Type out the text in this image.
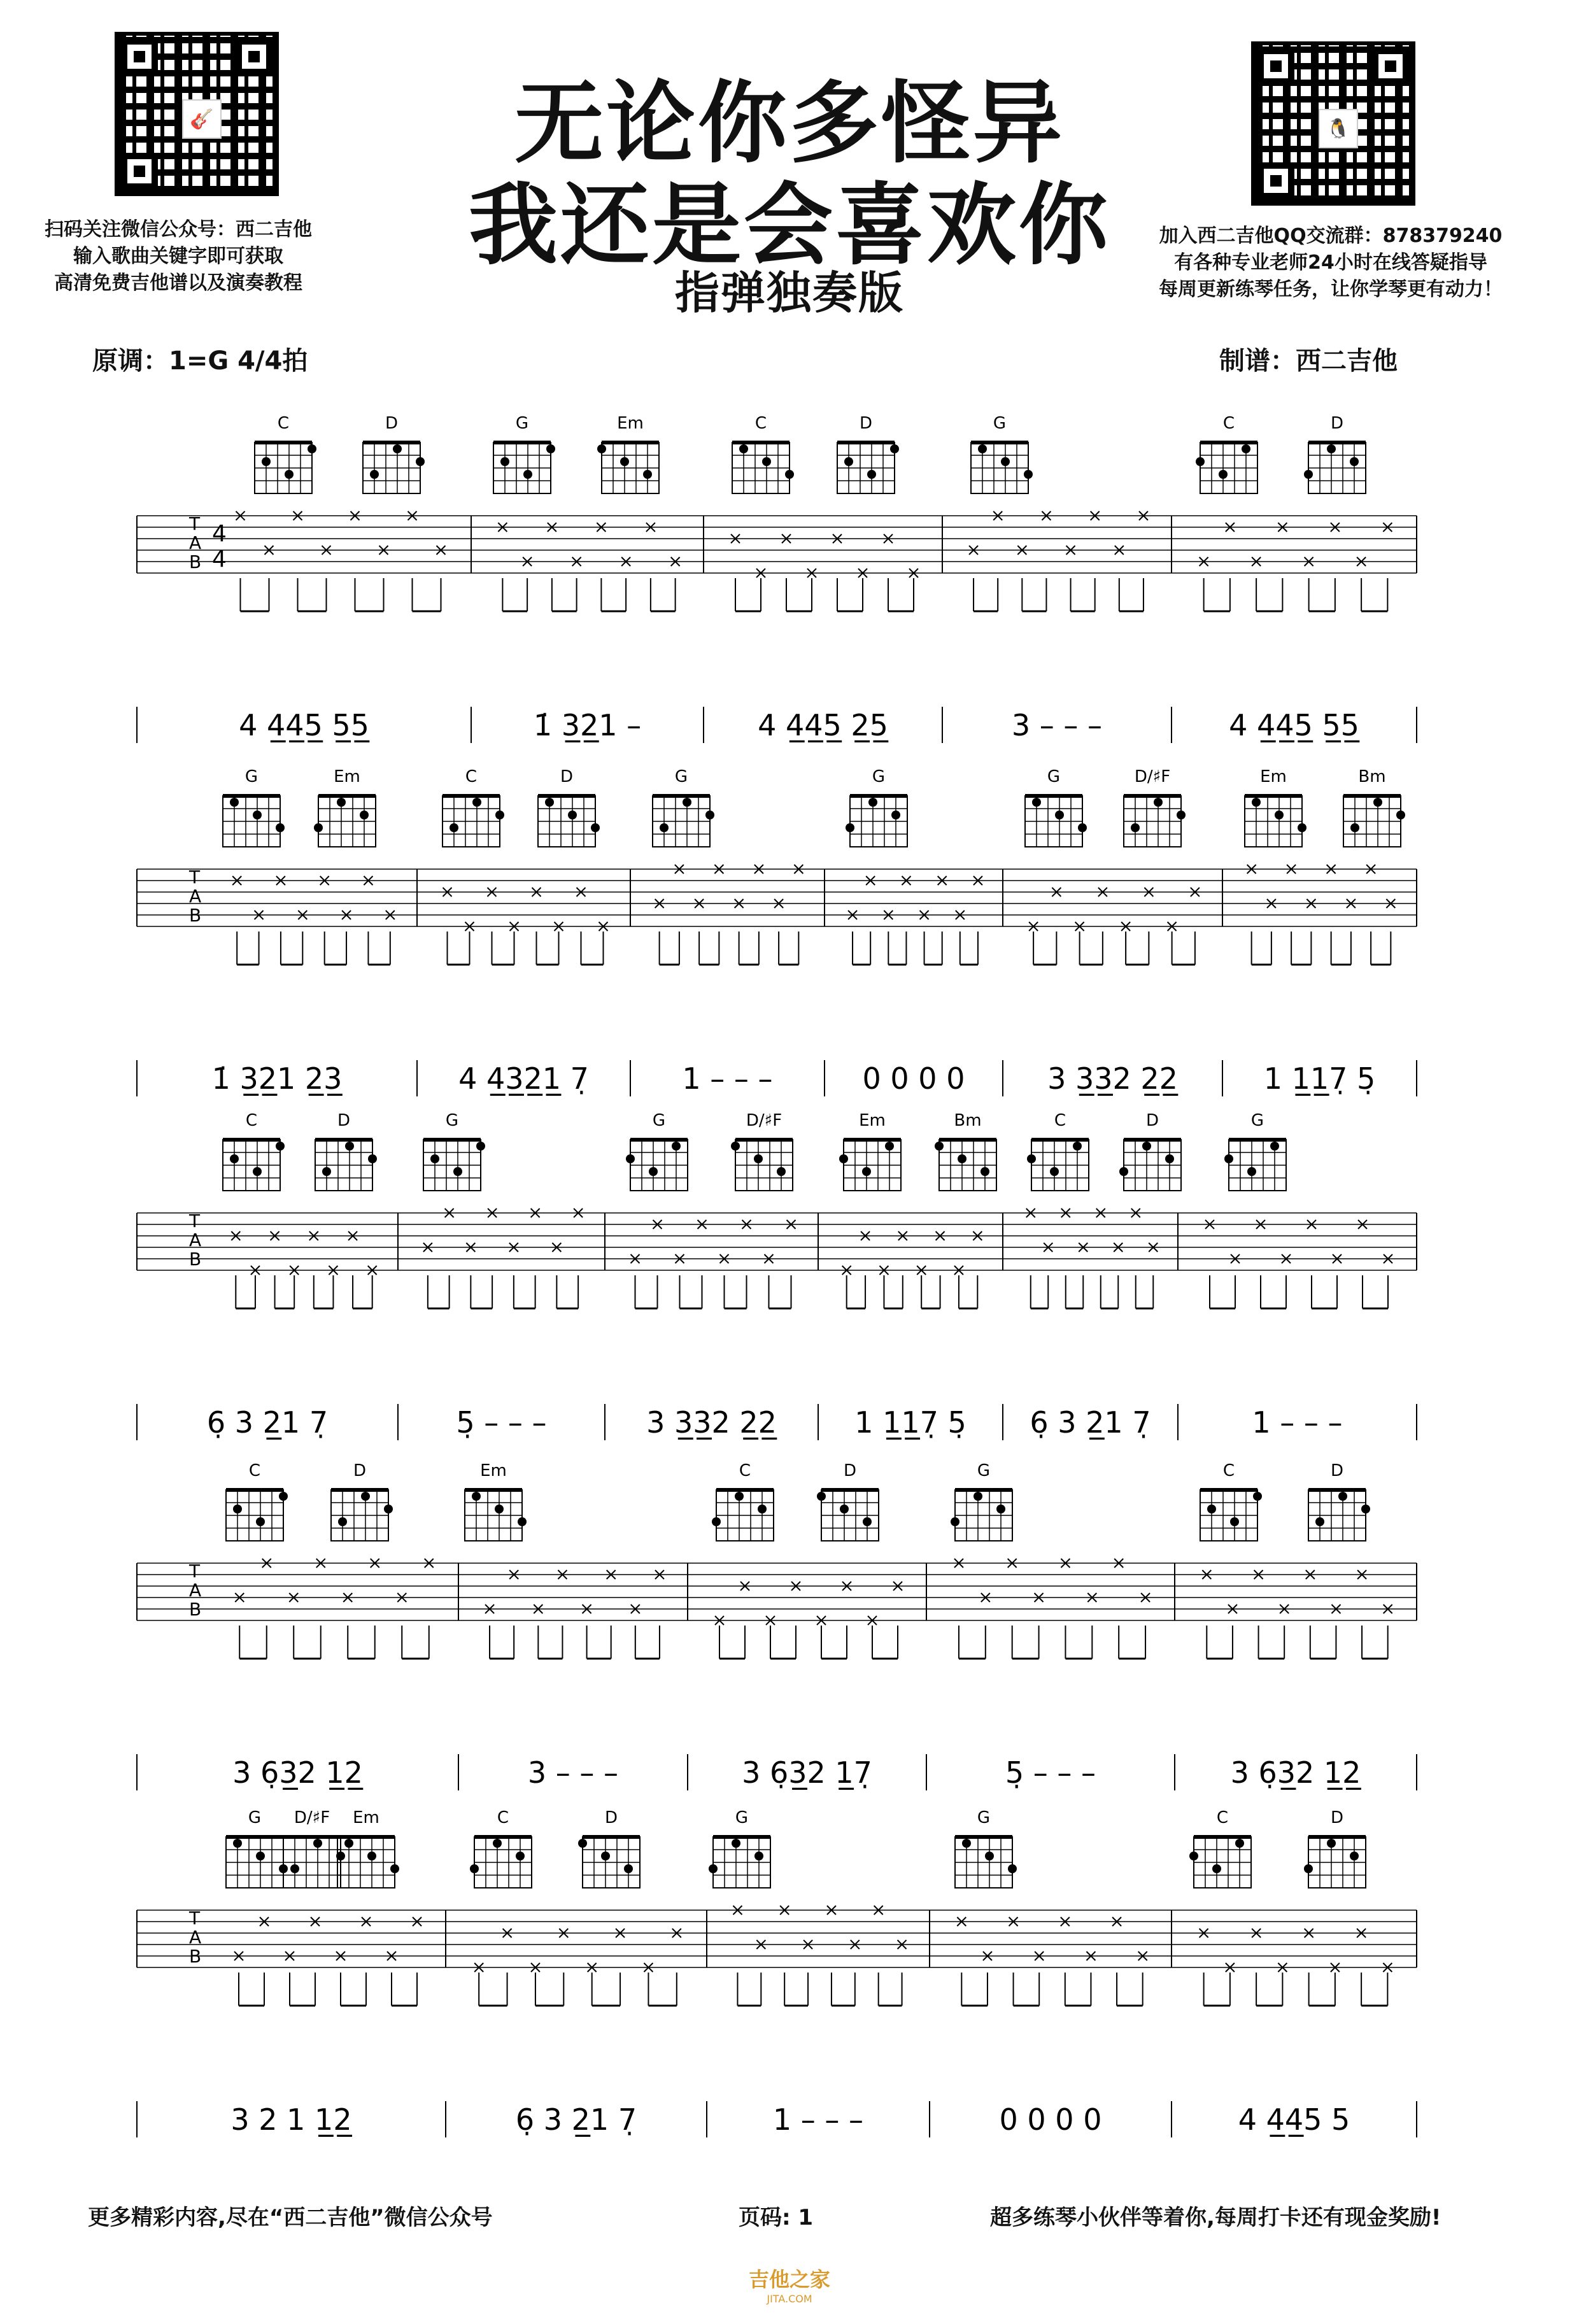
🎸	🐧
扫码关注微信公众号：西二吉他
输入歌曲关键字即可获取
高清免费吉他谱以及演奏教程
加入西二吉他QQ交流群：878379240
有各种专业老师24小时在线答疑指导
每周更新练琴任务，让你学琴更有动力！
无论你多怪异
我还是会喜欢你
指弹独奏版
原调：1=G 4/4拍	制谱：西二吉他
C	D	G	Em	C	D	G	C	D
T
A
B
4
4
4 4̲4̲5̲ 5̲5̲	1̇ 3̲2̲1 –	4 4̲4̲5̲ 2̲5̲	3 – – –	4 4̲4̲5̲ 5̲5̲
G	Em	C	D	G	G	G	D/♯F	Em	Bm
T
A
B
1̇ 3̲2̲1 2̲3̲	4 4̲3̲2̲1̲ 7̣	1 – – –	0 0 0 0	3 3̲3̲2 2̲2̲	1 1̲1̲7̣ 5̣
C	D	G	G	D/♯F	Em	Bm	C	D	G
T
A
B
6̣ 3 2̲1 7̣	5̣ – – –	3 3̲3̲2 2̲2̲	1 1̲1̲7̣ 5̣ 6̣ 3 2̲1 7̣	1 – – –
C	D	Em	C	D	G	C	D
T
A
B
3 6̣3̲2 1̲2̲	3 – – –	3 6̣3̲2 1̲7̣	5̣ – – –	3 6̣3̲2 1̲2̲
G D/♯F Em	C	D	G	G	C	D
T
A
B
3 2 1 1̲2̲	6̣ 3 2̲1 7̣	1 – – –	0 0 0 0	4 4̲4̲5 5
更多精彩内容,尽在“西二吉他”微信公众号	页码: 1	超多练琴小伙伴等着你,每周打卡还有现金奖励!
吉他之家
JITA.COM
